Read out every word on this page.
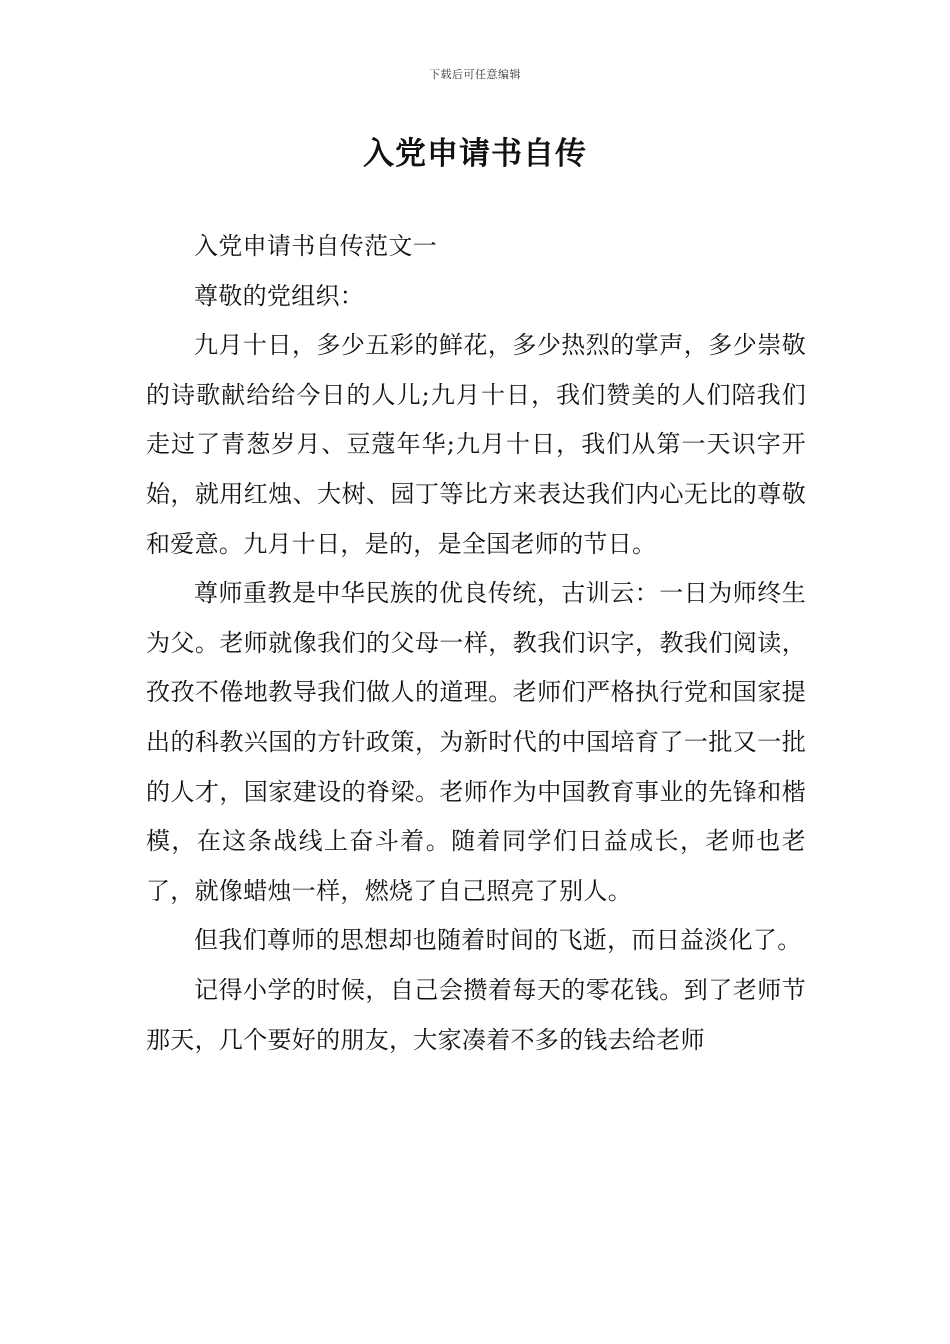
下载后可任意编辑
入党申请书自传

入党申请书自传范文一

尊敬的党组织：

九月十日，多少五彩的鲜花，多少热烈的掌声，多少崇敬的诗歌献给给今日的人儿;九月十日，我们赞美的人们陪我们走过了青葱岁月、豆蔻年华;九月十日，我们从第一天识字开始，就用红烛、大树、园丁等比方来表达我们内心无比的尊敬和爱意。九月十日，是的，是全国老师的节日。

尊师重教是中华民族的优良传统，古训云：一日为师终生为父。老师就像我们的父母一样，教我们识字，教我们阅读，孜孜不倦地教导我们做人的道理。老师们严格执行党和国家提出的科教兴国的方针政策，为新时代的中国培育了一批又一批的人才，国家建设的脊梁。老师作为中国教育事业的先锋和楷模，在这条战线上奋斗着。随着同学们日益成长，老师也老了，就像蜡烛一样，燃烧了自己照亮了别人。

但我们尊师的思想却也随着时间的飞逝，而日益淡化了。

记得小学的时候，自己会攒着每天的零花钱。到了老师节那天，几个要好的朋友，大家凑着不多的钱去给老师
